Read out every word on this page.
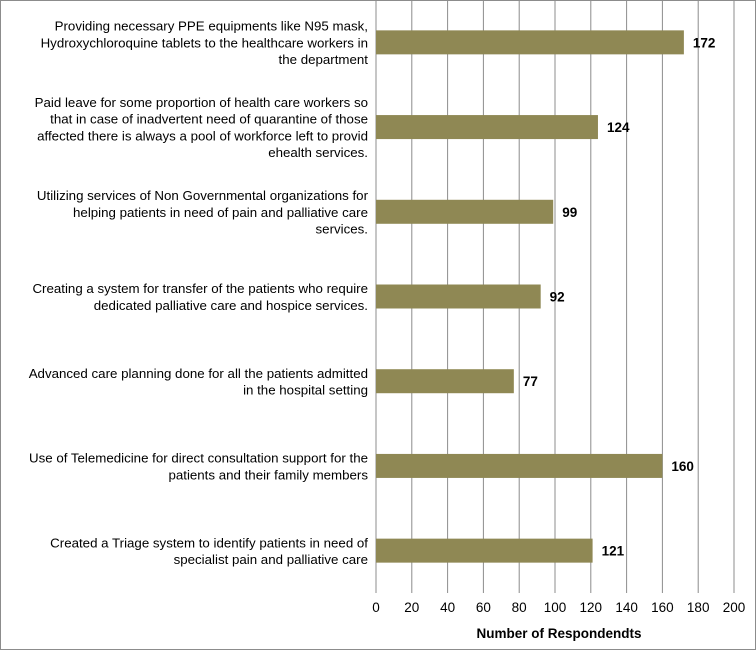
172
124
99
92
77
160
121
Providing necessary PPE equipments like N95 mask, Hydroxychloroquine tablets to the healthcare workers in the department
Paid leave for some proportion of health care workers so that in case of inadvertent need of quarantine of those affected there is always a pool of workforce left to provid ehealth services.
Utilizing services of Non Governmental organizations for helping patients in need of pain and palliative care services.
Creating a system for transfer of the patients who require dedicated palliative care and hospice services.
Advanced care planning done for all the patients admitted in the hospital setting
Use of Telemedicine for direct consultation support for the patients and their family members
Created a Triage system to identify patients in need of specialist pain and palliative care
0 20 40 60 80 100 120 140 160 180 200
Number of Respondendts
